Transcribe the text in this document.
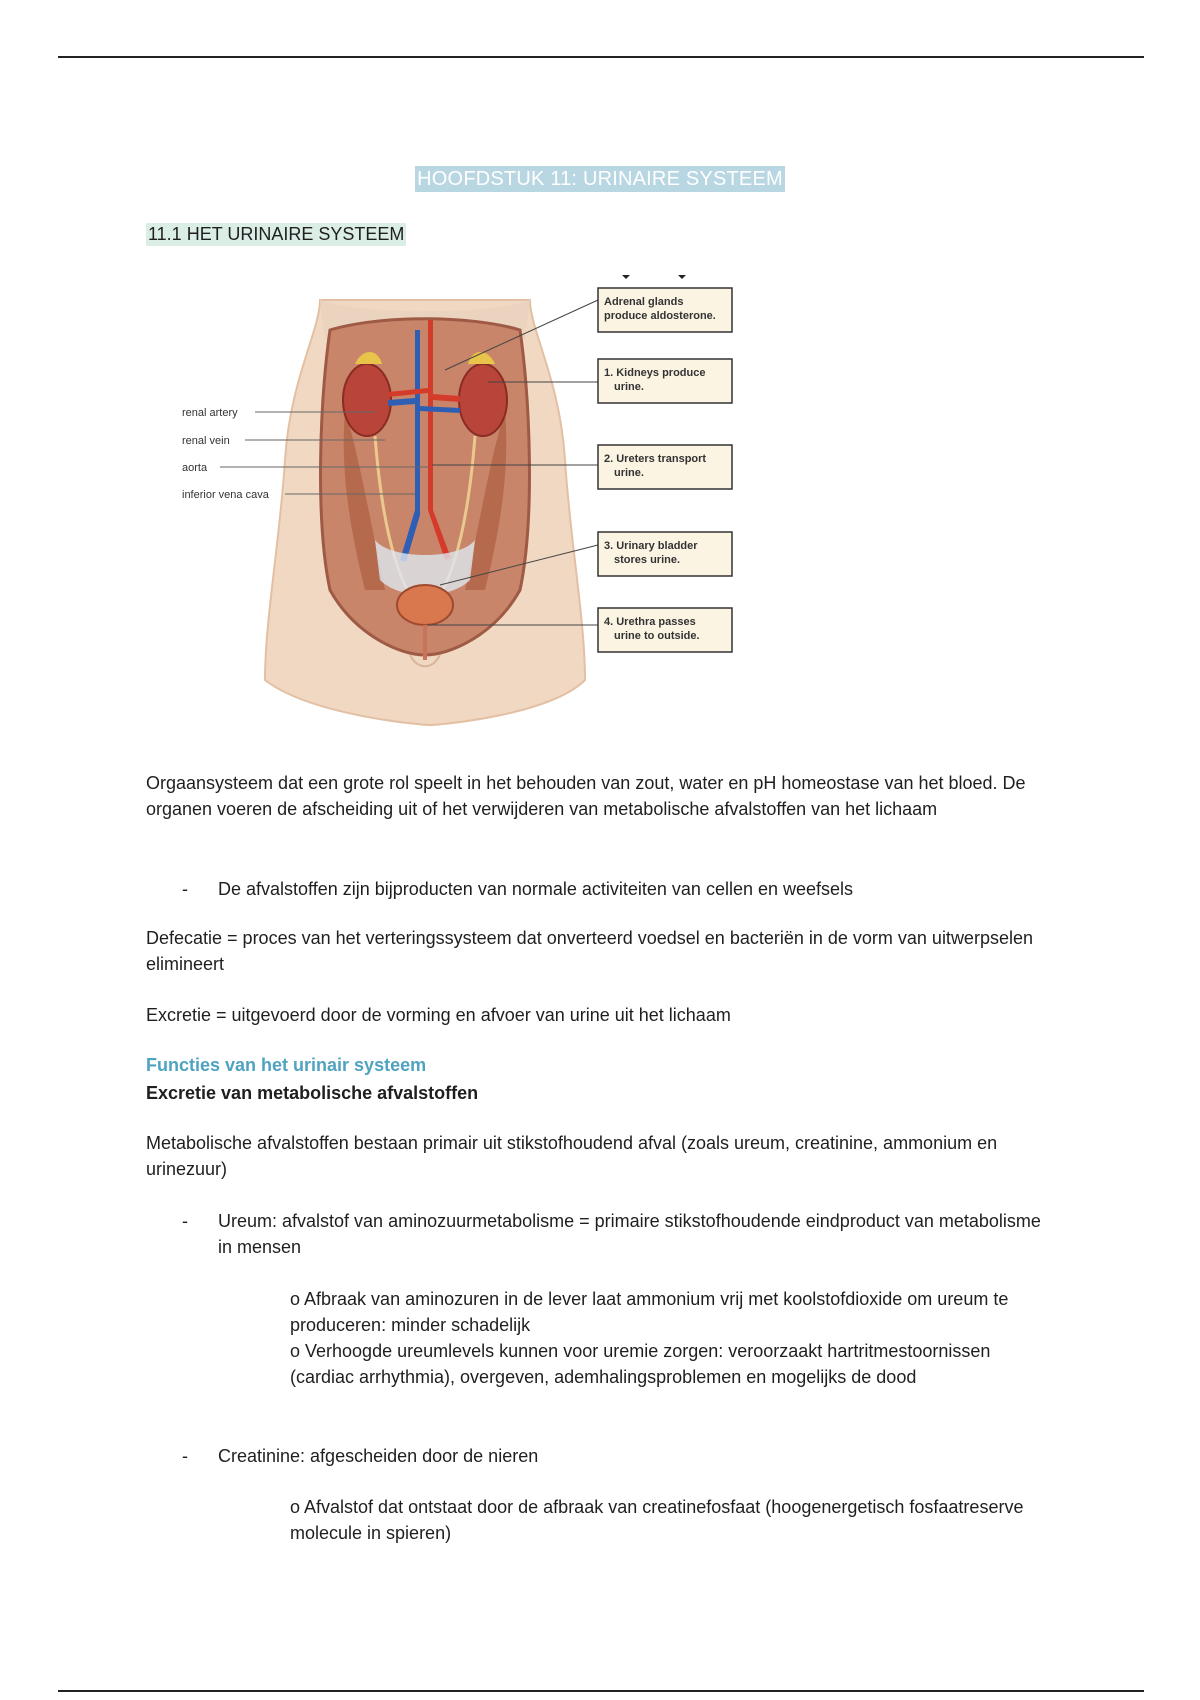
HOOFDSTUK 11: URINAIRE SYSTEEM
11.1 HET URINAIRE SYSTEEM
Adrenal glands
produce aldosterone.
1. Kidneys produce
urine.
2. Ureters transport
urine.
3. Urinary bladder
stores urine.
4. Urethra passes
urine to outside.
renal artery
renal vein
aorta
inferior vena cava
Orgaansysteem dat een grote rol speelt in het behouden van zout, water en pH homeostase van het bloed. De organen voeren de afscheiding uit of het verwijderen van metabolische afvalstoffen van het lichaam
- De afvalstoffen zijn bijproducten van normale activiteiten van cellen en weefsels
Defecatie = proces van het verteringssysteem dat onverteerd voedsel en bacteriën in de vorm van uitwerpselen elimineert
Excretie = uitgevoerd door de vorming en afvoer van urine uit het lichaam
Functies van het urinair systeem
Excretie van metabolische afvalstoffen
Metabolische afvalstoffen bestaan primair uit stikstofhoudend afval (zoals ureum, creatinine, ammonium en urinezuur)
- Ureum: afvalstof van aminozuurmetabolisme = primaire stikstofhoudende eindproduct van metabolisme in mensen
o Afbraak van aminozuren in de lever laat ammonium vrij met koolstofdioxide om ureum te produceren: minder schadelijk
o Verhoogde ureumlevels kunnen voor uremie zorgen: veroorzaakt hartritmestoornissen (cardiac arrhythmia), overgeven, ademhalingsproblemen en mogelijks de dood
- Creatinine: afgescheiden door de nieren
o Afvalstof dat ontstaat door de afbraak van creatinefosfaat (hoogenergetisch fosfaatreserve molecule in spieren)
